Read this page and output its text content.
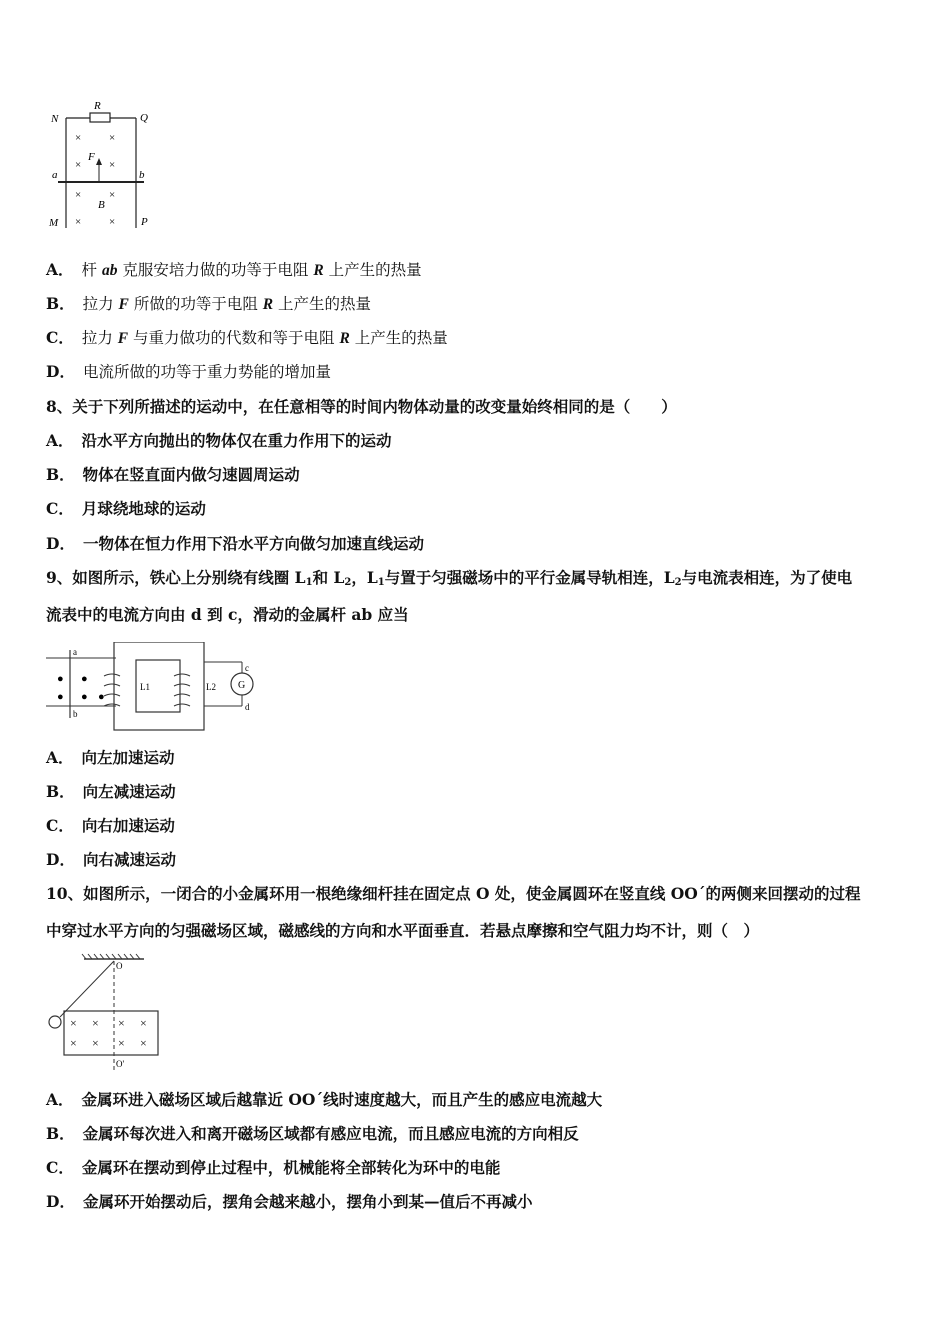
N
R
Q
F
a	b
B
M	P
×	×
×	×
×	×
×	×
A． 杆 ab 克服安培力做的功等于电阻 R 上产生的热量
B． 拉力 F 所做的功等于电阻 R 上产生的热量
C． 拉力 F 与重力做功的代数和等于电阻 R 上产生的热量
D． 电流所做的功等于重力势能的增加量
8、关于下列所描述的运动中，在任意相等的时间内物体动量的改变量始终相同的是（　　）
A． 沿水平方向抛出的物体仅在重力作用下的运动
B． 物体在竖直面内做匀速圆周运动
C． 月球绕地球的运动
D． 一物体在恒力作用下沿水平方向做匀加速直线运动
9、如图所示，铁心上分别绕有线圈 $L_1$和 $L_2$，$L_1$与置于匀强磁场中的平行金属导轨相连，$L_2$与电流表相连，为了使电
流表中的电流方向由 d 到 c，滑动的金属杆 ab 应当
a
b
● ●
● ● ●
L1	L2 G
c
d
A． 向左加速运动
B． 向左减速运动
C． 向右加速运动
D． 向右减速运动
10、如图所示，一闭合的小金属环用一根绝缘细杆挂在固定点 O 处，使金属圆环在竖直线 OO´的两侧来回摆动的过程
中穿过水平方向的匀强磁场区域，磁感线的方向和水平面垂直．若悬点摩擦和空气阻力均不计，则（　）
O
O'
× × × ×
× × × ×
A． 金属环进入磁场区域后越靠近 OO´线时速度越大，而且产生的感应电流越大
B． 金属环每次进入和离开磁场区域都有感应电流，而且感应电流的方向相反
C． 金属环在摆动到停止过程中，机械能将全部转化为环中的电能
D． 金属环开始摆动后，摆角会越来越小，摆角小到某—值后不再减小
